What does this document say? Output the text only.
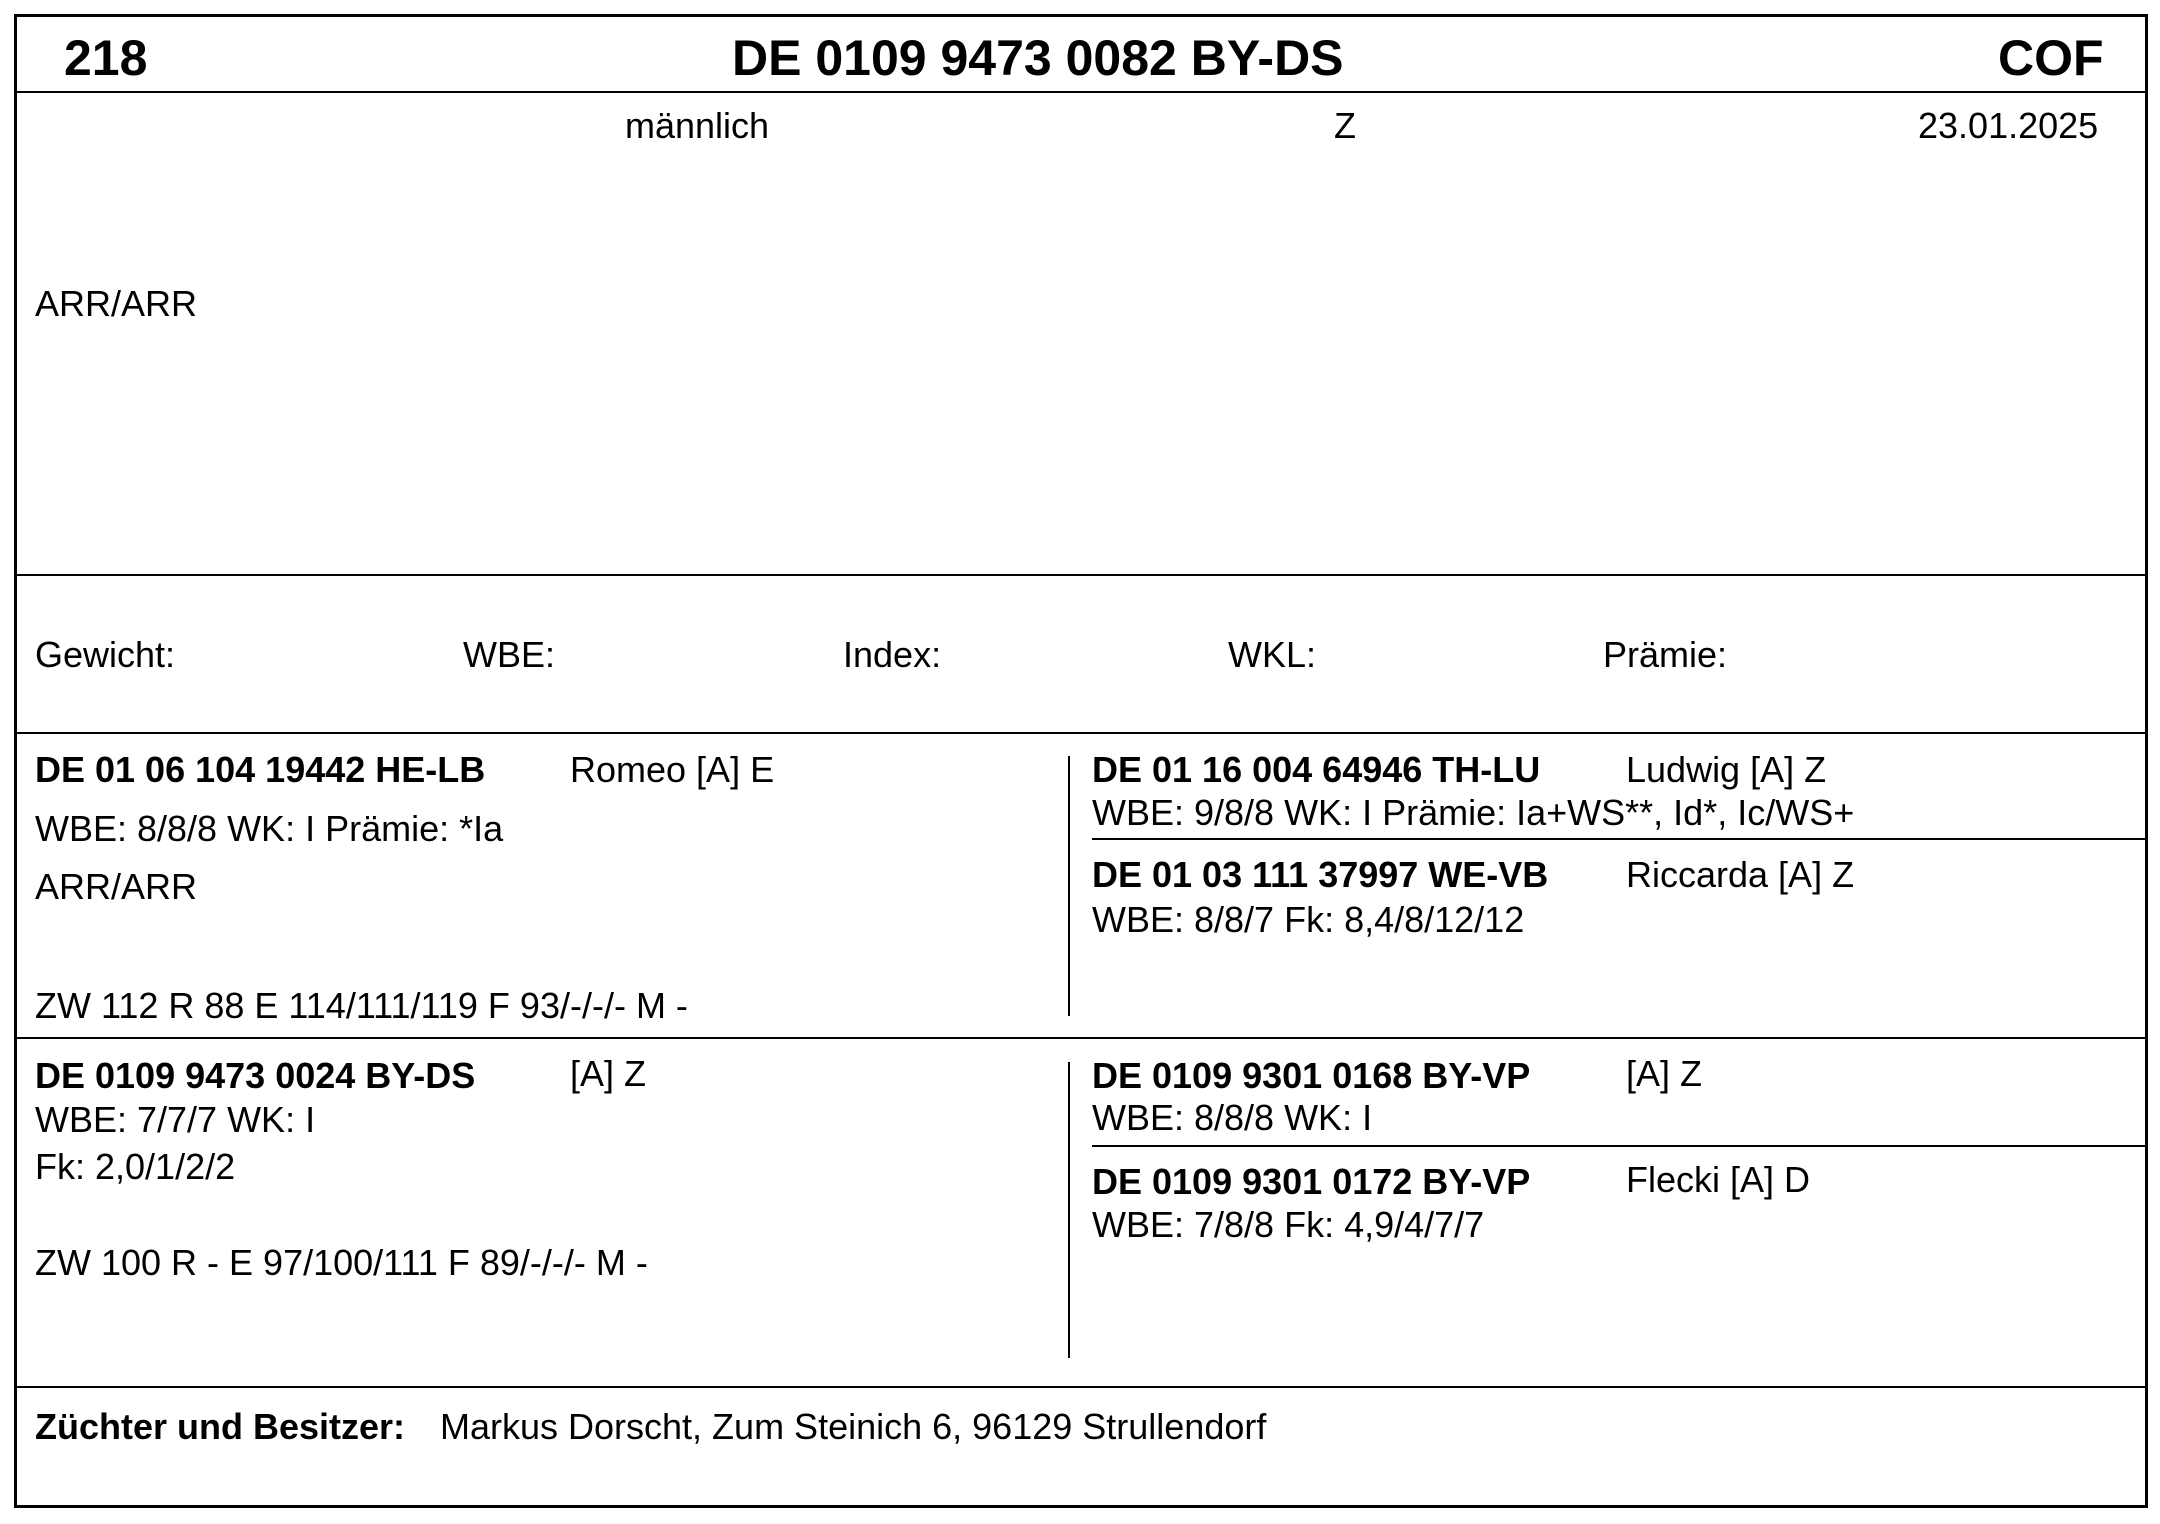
218	DE 0109 9473 0082 BY-DS	COF
männlich	Z	23.01.2025
ARR/ARR
Gewicht:	WBE:	Index:	WKL:	Prämie:
DE 01 06 104 19442 HE-LB Romeo [A] E
WBE: 8/8/8 WK: I Prämie: *Ia
ARR/ARR
ZW 112 R 88 E 114/111/119 F 93/-/-/- M -
DE 01 16 004 64946 TH-LU Ludwig [A] Z
WBE: 9/8/8 WK: I Prämie: Ia+WS**, Id*, Ic/WS+
DE 01 03 111 37997 WE-VB Riccarda [A] Z
WBE: 8/8/7 Fk: 8,4/8/12/12
DE 0109 9473 0024 BY-DS	[A] Z
WBE: 7/7/7 WK: I
Fk: 2,0/1/2/2
ZW 100 R - E 97/100/111 F 89/-/-/- M -
DE 0109 9301 0168 BY-VP	[A] Z
WBE: 8/8/8 WK: I
DE 0109 9301 0172 BY-VP	Flecki [A] D
WBE: 7/8/8 Fk: 4,9/4/7/7
Züchter und Besitzer: Markus Dorscht, Zum Steinich 6, 96129 Strullendorf
